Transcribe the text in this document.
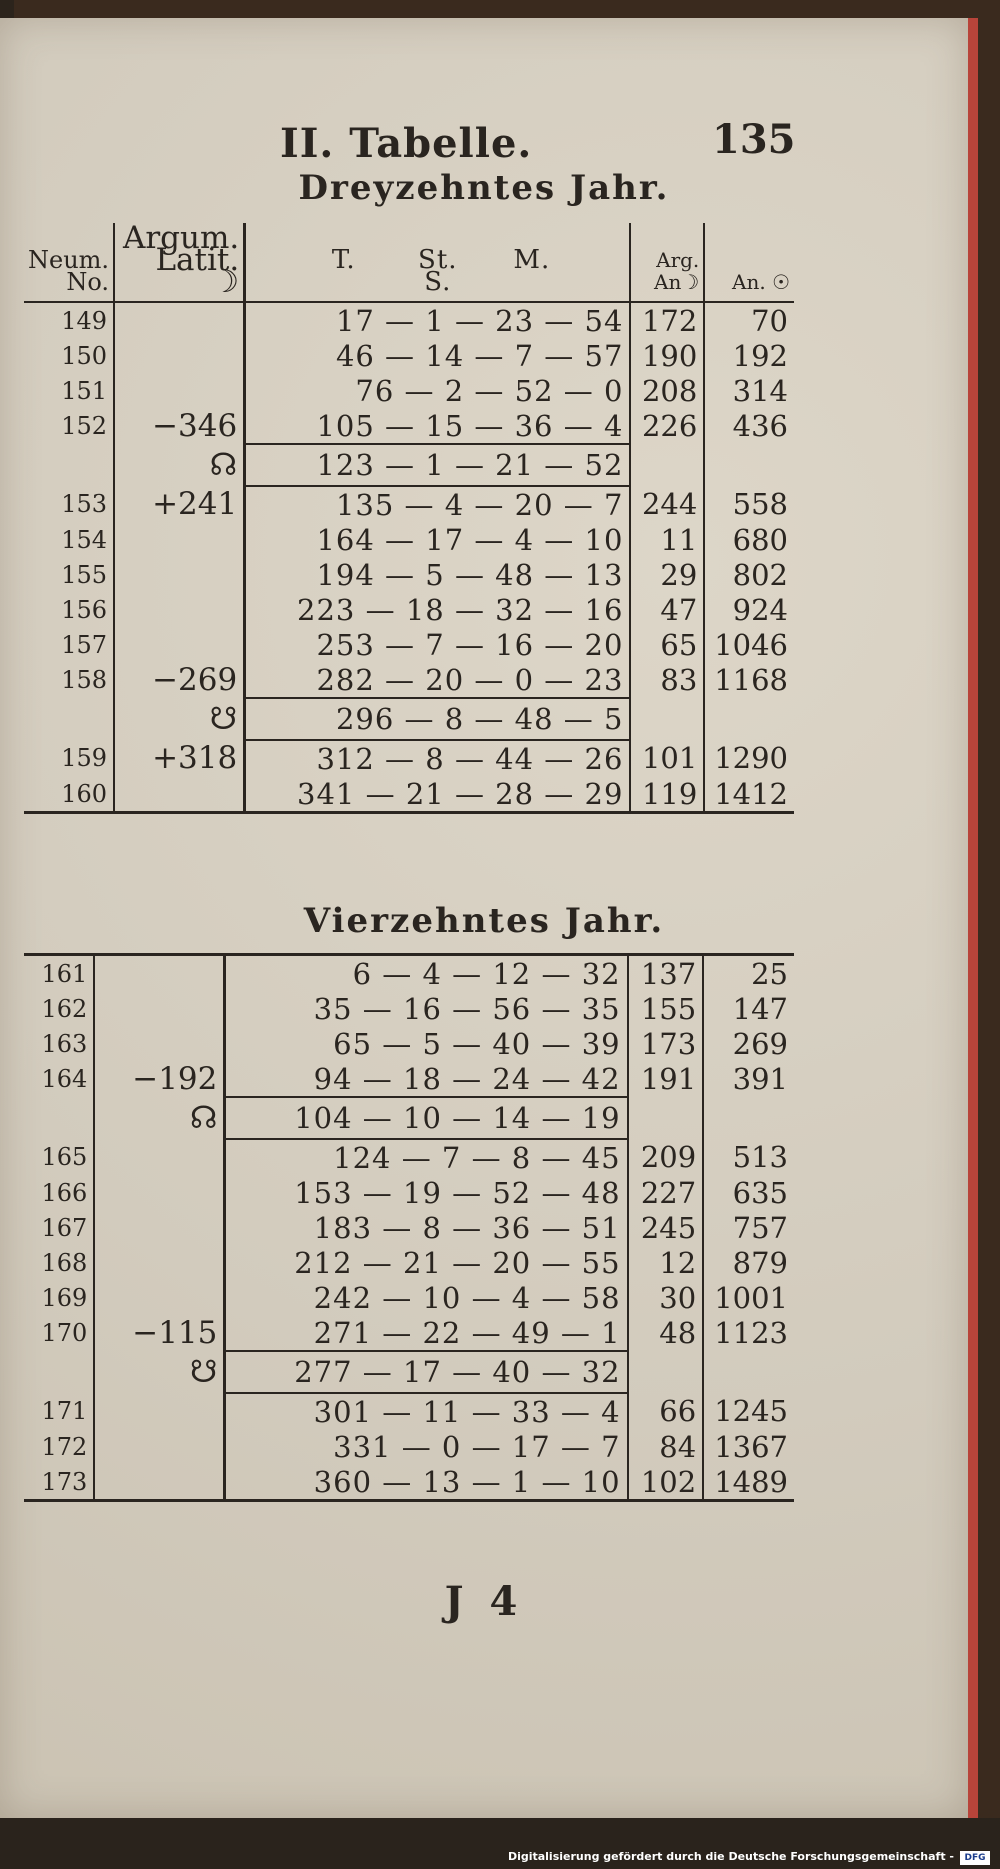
II. Tabelle.	135
Dreyzehntes Jahr.
Neum. No.	Argum. Latit. ☽	T. St. M.S.	Arg. An☽	An. ☉
149		17 — 1 — 23 — 54	172	70
150		46 — 14 — 7 — 57	190	192
151		76 — 2 — 52 — 0	208	314
152	−346	105 — 15 — 36 — 4	226	436
	☊	123 — 1 — 21 — 52		
153	+241	135 — 4 — 20 — 7	244	558
154		164 — 17 — 4 — 10	11	680
155		194 — 5 — 48 — 13	29	802
156		223 — 18 — 32 — 16	47	924
157		253 — 7 — 16 — 20	65	1046
158	−269	282 — 20 — 0 — 23	83	1168
	☋	296 — 8 — 48 — 5		
159	+318	312 — 8 — 44 — 26	101	1290
160		341 — 21 — 28 — 29	119	1412
Vierzehntes Jahr.
161		6 — 4 — 12 — 32	137	25
162		35 — 16 — 56 — 35	155	147
163		65 — 5 — 40 — 39	173	269
164	−192	94 — 18 — 24 — 42	191	391
	☊	104 — 10 — 14 — 19		
165		124 — 7 — 8 — 45	209	513
166		153 — 19 — 52 — 48	227	635
167		183 — 8 — 36 — 51	245	757
168		212 — 21 — 20 — 55	12	879
169		242 — 10 — 4 — 58	30	1001
170	−115	271 — 22 — 49 — 1	48	1123
	☋	277 — 17 — 40 — 32		
171		301 — 11 — 33 — 4	66	1245
172		331 — 0 — 17 — 7	84	1367
173		360 — 13 — 1 — 10	102	1489
J 4
Digitalisierung gefördert durch die Deutsche Forschungsgemeinschaft -	DFG
